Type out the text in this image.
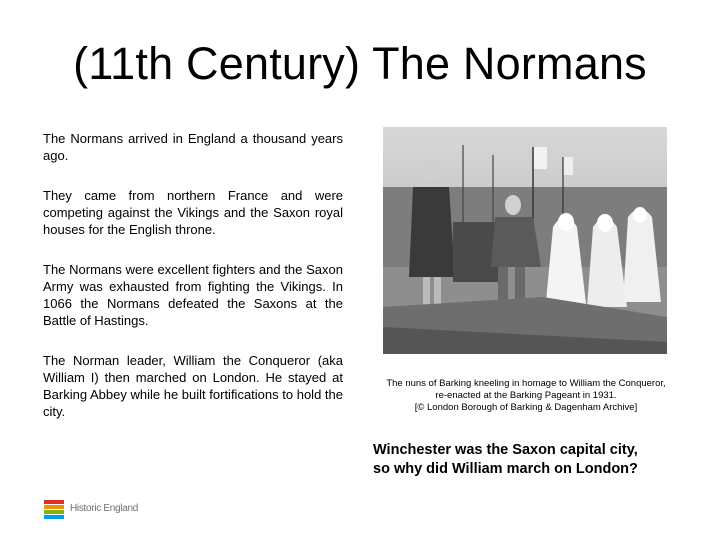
(11th Century) The Normans

The Normans arrived in England a thousand years ago.

They came from northern France and were competing against the Vikings and the Saxon royal houses for the English throne.

The Normans were excellent fighters and the Saxon Army was exhausted from fighting the Vikings. In 1066 the Normans defeated the Saxons at the Battle of Hastings.

The Norman leader, William the Conqueror (aka William I) then marched on London. He stayed at Barking Abbey while he built fortifications to hold the city.

The nuns of Barking kneeling in homage to William the Conqueror,
re-enacted at the Barking Pageant in 1931.
[© London Borough of Barking & Dagenham Archive]
Winchester was the Saxon capital city,
so why did William march on London?
Historic England
